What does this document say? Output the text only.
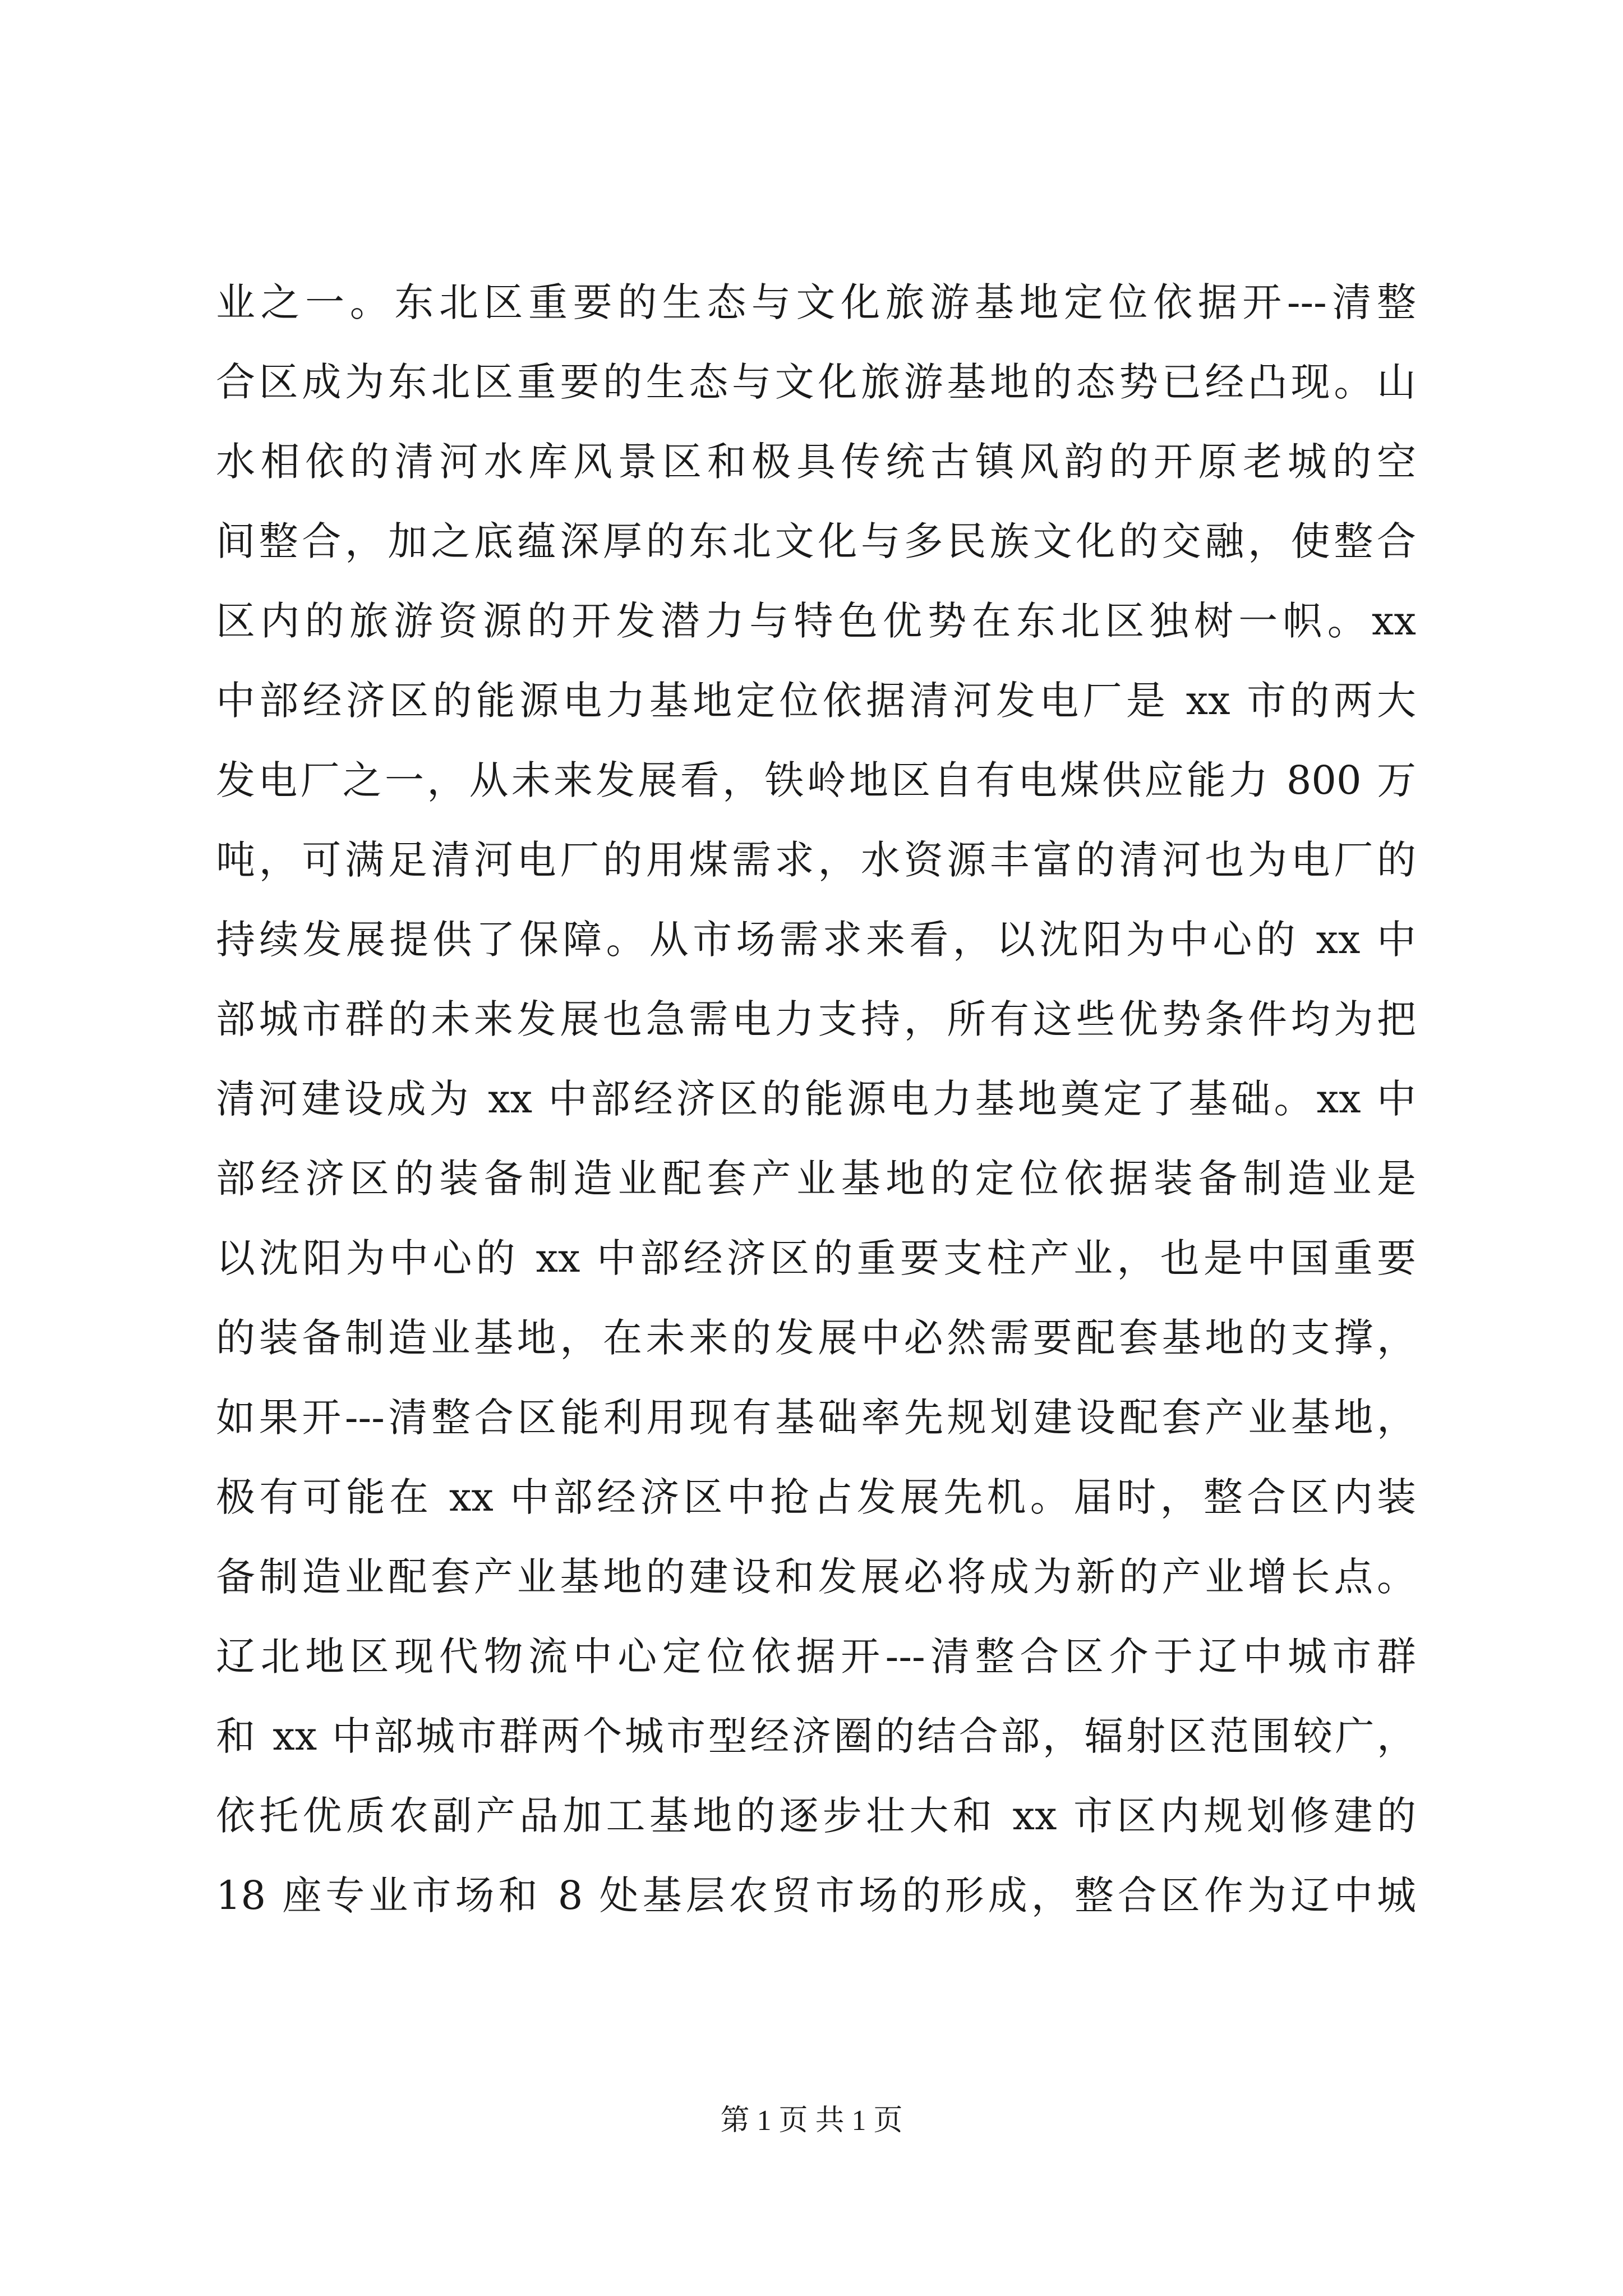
业之一。东北区重要的生态与文化旅游基地定位依据开---清整
合区成为东北区重要的生态与文化旅游基地的态势已经凸现。山
水相依的清河水库风景区和极具传统古镇风韵的开原老城的空
间整合，加之底蕴深厚的东北文化与多民族文化的交融，使整合
区内的旅游资源的开发潜力与特色优势在东北区独树一帜。xx
中部经济区的能源电力基地定位依据清河发电厂是 xx 市的两大
发电厂之一，从未来发展看，铁岭地区自有电煤供应能力 800 万
吨，可满足清河电厂的用煤需求，水资源丰富的清河也为电厂的
持续发展提供了保障。从市场需求来看，以沈阳为中心的 xx 中
部城市群的未来发展也急需电力支持，所有这些优势条件均为把
清河建设成为 xx 中部经济区的能源电力基地奠定了基础。xx 中
部经济区的装备制造业配套产业基地的定位依据装备制造业是
以沈阳为中心的 xx 中部经济区的重要支柱产业，也是中国重要
的装备制造业基地，在未来的发展中必然需要配套基地的支撑，
如果开---清整合区能利用现有基础率先规划建设配套产业基地，
极有可能在 xx 中部经济区中抢占发展先机。届时，整合区内装
备制造业配套产业基地的建设和发展必将成为新的产业增长点。
辽北地区现代物流中心定位依据开---清整合区介于辽中城市群
和 xx 中部城市群两个城市型经济圈的结合部，辐射区范围较广，
依托优质农副产品加工基地的逐步壮大和 xx 市区内规划修建的
18 座专业市场和 8 处基层农贸市场的形成，整合区作为辽中城
第 1 页 共 1 页
